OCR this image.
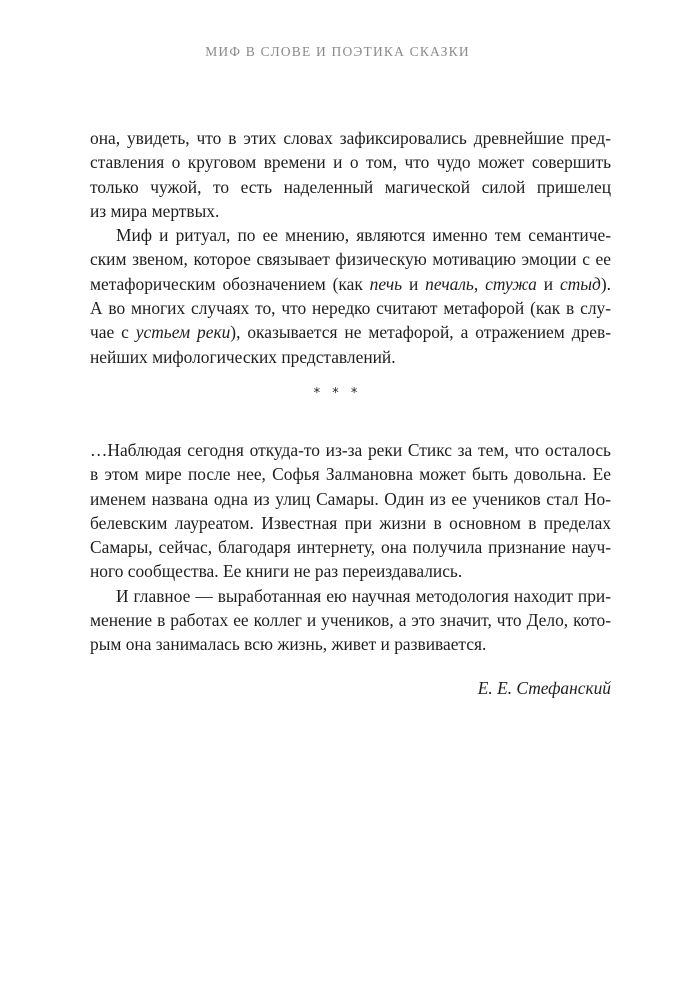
МИФ В СЛОВЕ И ПОЭТИКА СКАЗКИ
она, увидеть, что в этих словах зафиксировались древнейшие пред-
ставления о круговом времени и о том, что чудо может совершить
только чужой, то есть наделенный магической силой пришелец
из мира мертвых.
Миф и ритуал, по ее мнению, являются именно тем семантиче-
ским звеном, которое связывает физическую мотивацию эмоции с ее
метафорическим обозначением (как печь и печаль, стужа и стыд).
А во многих случаях то, что нередко считают метафорой (как в слу-
чае с устьем реки), оказывается не метафорой, а отражением древ-
нейших мифологических представлений.
* * *
…Наблюдая сегодня откуда-то из-за реки Стикс за тем, что осталось
в этом мире после нее, Софья Залмановна может быть довольна. Ее
именем названа одна из улиц Самары. Один из ее учеников стал Но-
белевским лауреатом. Известная при жизни в основном в пределах
Самары, сейчас, благодаря интернету, она получила признание науч-
ного сообщества. Ее книги не раз переиздавались.
И главное — выработанная ею научная методология находит при-
менение в работах ее коллег и учеников, а это значит, что Дело, кото-
рым она занималась всю жизнь, живет и развивается.
Е. Е. Стефанский
